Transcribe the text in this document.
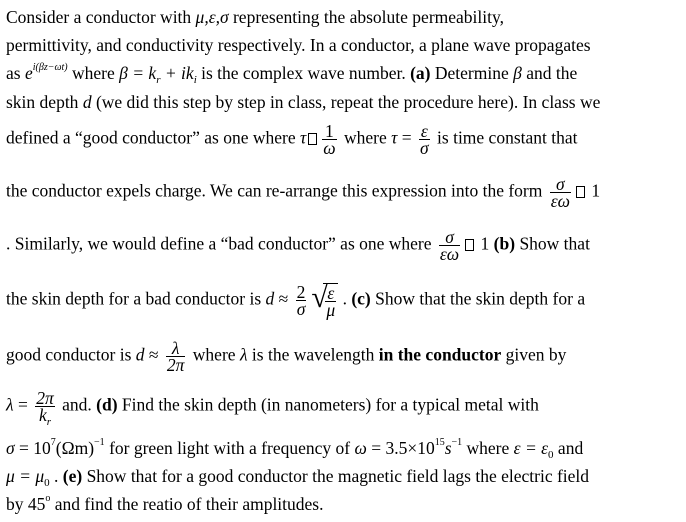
Consider a conductor with μ,ε,σ representing the absolute permeability,
permittivity, and conductivity respectively. In a conductor, a plane wave propagates
as $e^{i(\beta z-\omega t)}$ where $\beta = k_r + ik_i$ is the complex wave number. (a) Determine β and the
skin depth d (we did this step by step in class, repeat the procedure here). In class we
defined a “good conductor” as one where τ $\frac{1}{\omega}$ where $\tau = \frac{\varepsilon}{\sigma}$ is time constant that
the conductor expels charge. We can re-arrange this expression into the form $\frac{\sigma}{\varepsilon\omega} 1$
. Similarly, we would define a “bad conductor” as one where $\frac{\sigma}{\varepsilon\omega} 1$ (b) Show that
the skin depth for a bad conductor is $d \approx \frac{2}{\sigma}$ √
$\frac{\varepsilon}{\mu}$ . (c) Show that the skin depth for a
good conductor is $d \approx \frac{\lambda}{2\pi}$ where λ is the wavelength in the conductor given by
$\lambda = \frac{2\pi}{k_r}$ and. (d) Find the skin depth (in nanometers) for a typical metal with
$\sigma = 10^7(\Omega m)^{-1}$ for green light with a frequency of $\omega = 3.5\times 10^{15}s^{-1}$ where $\varepsilon = \varepsilon_0$ and
$\mu = \mu_0$ . (e) Show that for a good conductor the magnetic field lags the electric field
by 45$^o$ and find the reatio of their amplitudes.
